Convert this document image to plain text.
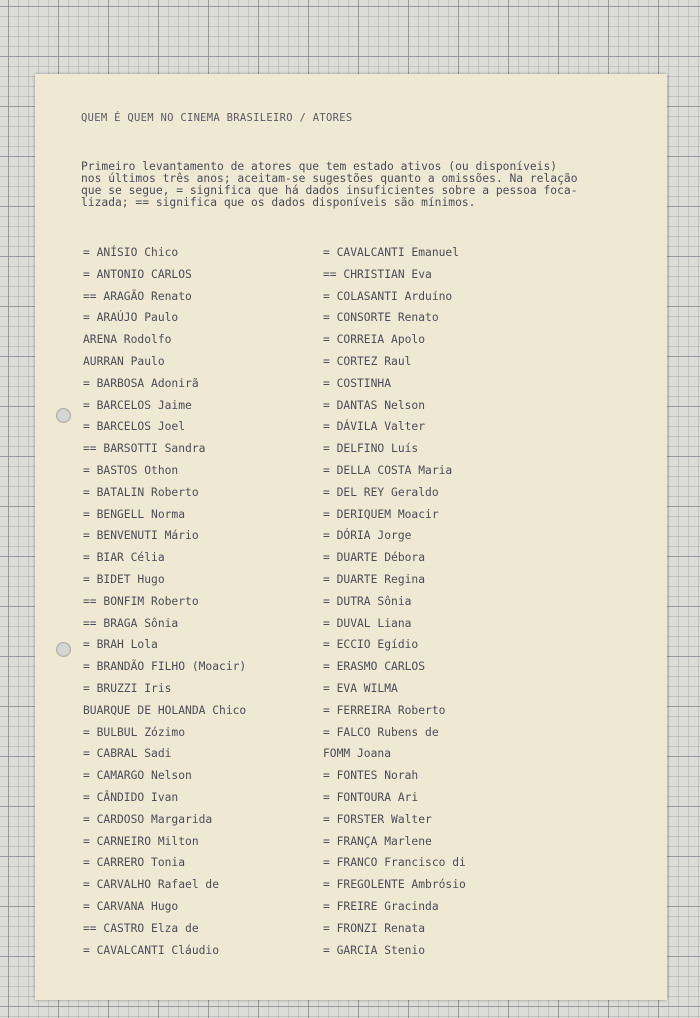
QUEM É QUEM NO CINEMA BRASILEIRO / ATORES

Primeiro levantamento de atores que tem estado ativos (ou disponíveis)
nos últimos três anos; aceitam-se sugestões quanto a omissões. Na relação
que se segue, = significa que há dados insuficientes sobre a pessoa foca-
lizada; == significa que os dados disponíveis são mínimos.

= ANÍSIO Chico
= ANTONIO CARLOS
== ARAGÃO Renato
= ARAÚJO Paulo
ARENA Rodolfo
AURRAN Paulo
= BARBOSA Adonirã
= BARCELOS Jaime
= BARCELOS Joel
== BARSOTTI Sandra
= BASTOS Othon
= BATALIN Roberto
= BENGELL Norma
= BENVENUTI Mário
= BIAR Célia
= BIDET Hugo
== BONFIM Roberto
== BRAGA Sônia
= BRAH Lola
= BRANDÃO FILHO (Moacir)
= BRUZZI Iris
BUARQUE DE HOLANDA Chico
= BULBUL Zózimo
= CABRAL Sadi
= CAMARGO Nelson
= CÂNDIDO Ivan
= CARDOSO Margarida
= CARNEIRO Milton
= CARRERO Tonia
= CARVALHO Rafael de
= CARVANA Hugo
== CASTRO Elza de
= CAVALCANTI Cláudio
= CAVALCANTI Emanuel
== CHRISTIAN Eva
= COLASANTI Arduíno
= CONSORTE Renato
= CORREIA Apolo
= CORTEZ Raul
= COSTINHA
= DANTAS Nelson
= DÁVILA Valter
= DELFINO Luís
= DELLA COSTA Maria
= DEL REY Geraldo
= DERIQUEM Moacir
= DÓRIA Jorge
= DUARTE Débora
= DUARTE Regina
= DUTRA Sônia
= DUVAL Liana
= ECCIO Egídio
= ERASMO CARLOS
= EVA WILMA
= FERREIRA Roberto
= FALCO Rubens de
FOMM Joana
= FONTES Norah
= FONTOURA Ari
= FORSTER Walter
= FRANÇA Marlene
= FRANCO Francisco di
= FREGOLENTE Ambrósio
= FREIRE Gracinda
= FRONZI Renata
= GARCIA Stenio
